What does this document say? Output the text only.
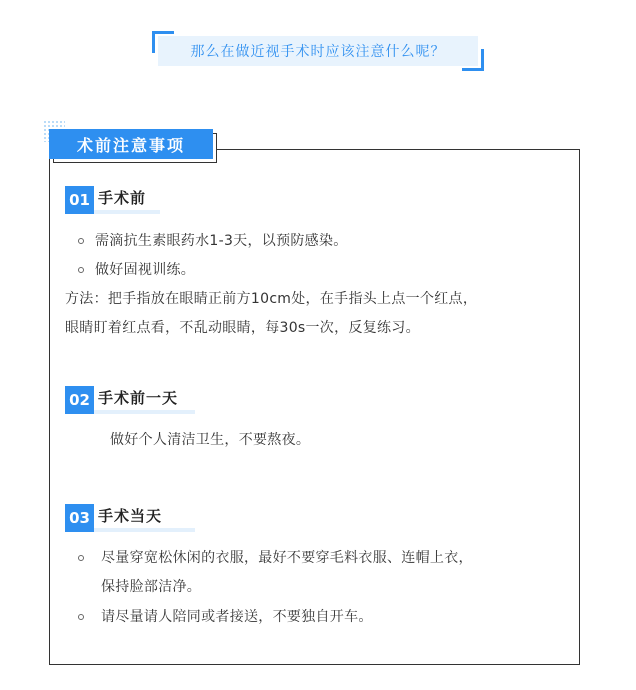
那么在做近视手术时应该注意什么呢？
术前注意事项
01 手术前
需滴抗生素眼药水1-3天，以预防感染。
做好固视训练。
方法：把手指放在眼睛正前方10cm处，在手指头上点一个红点，
眼睛盯着红点看，不乱动眼睛，每30s一次，反复练习。
02 手术前一天
做好个人清洁卫生，不要熬夜。
03 手术当天
尽量穿宽松休闲的衣服，最好不要穿毛料衣服、连帽上衣，
保持脸部洁净。
请尽量请人陪同或者接送，不要独自开车。
